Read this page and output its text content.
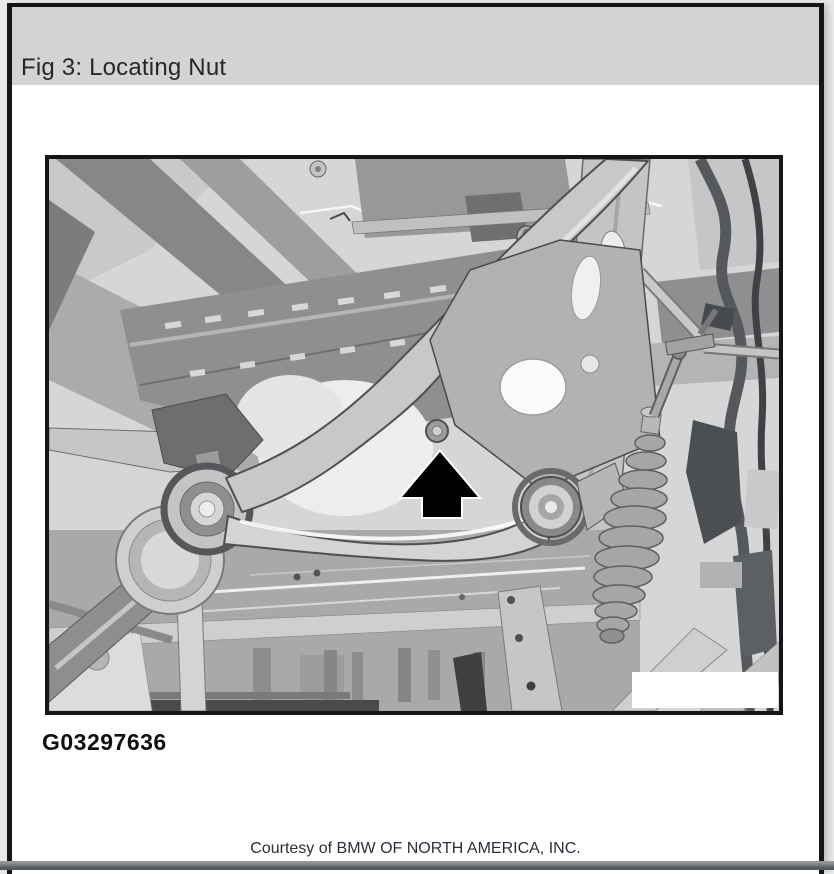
Fig 3: Locating Nut
G03297636
Courtesy of BMW OF NORTH AMERICA, INC.
